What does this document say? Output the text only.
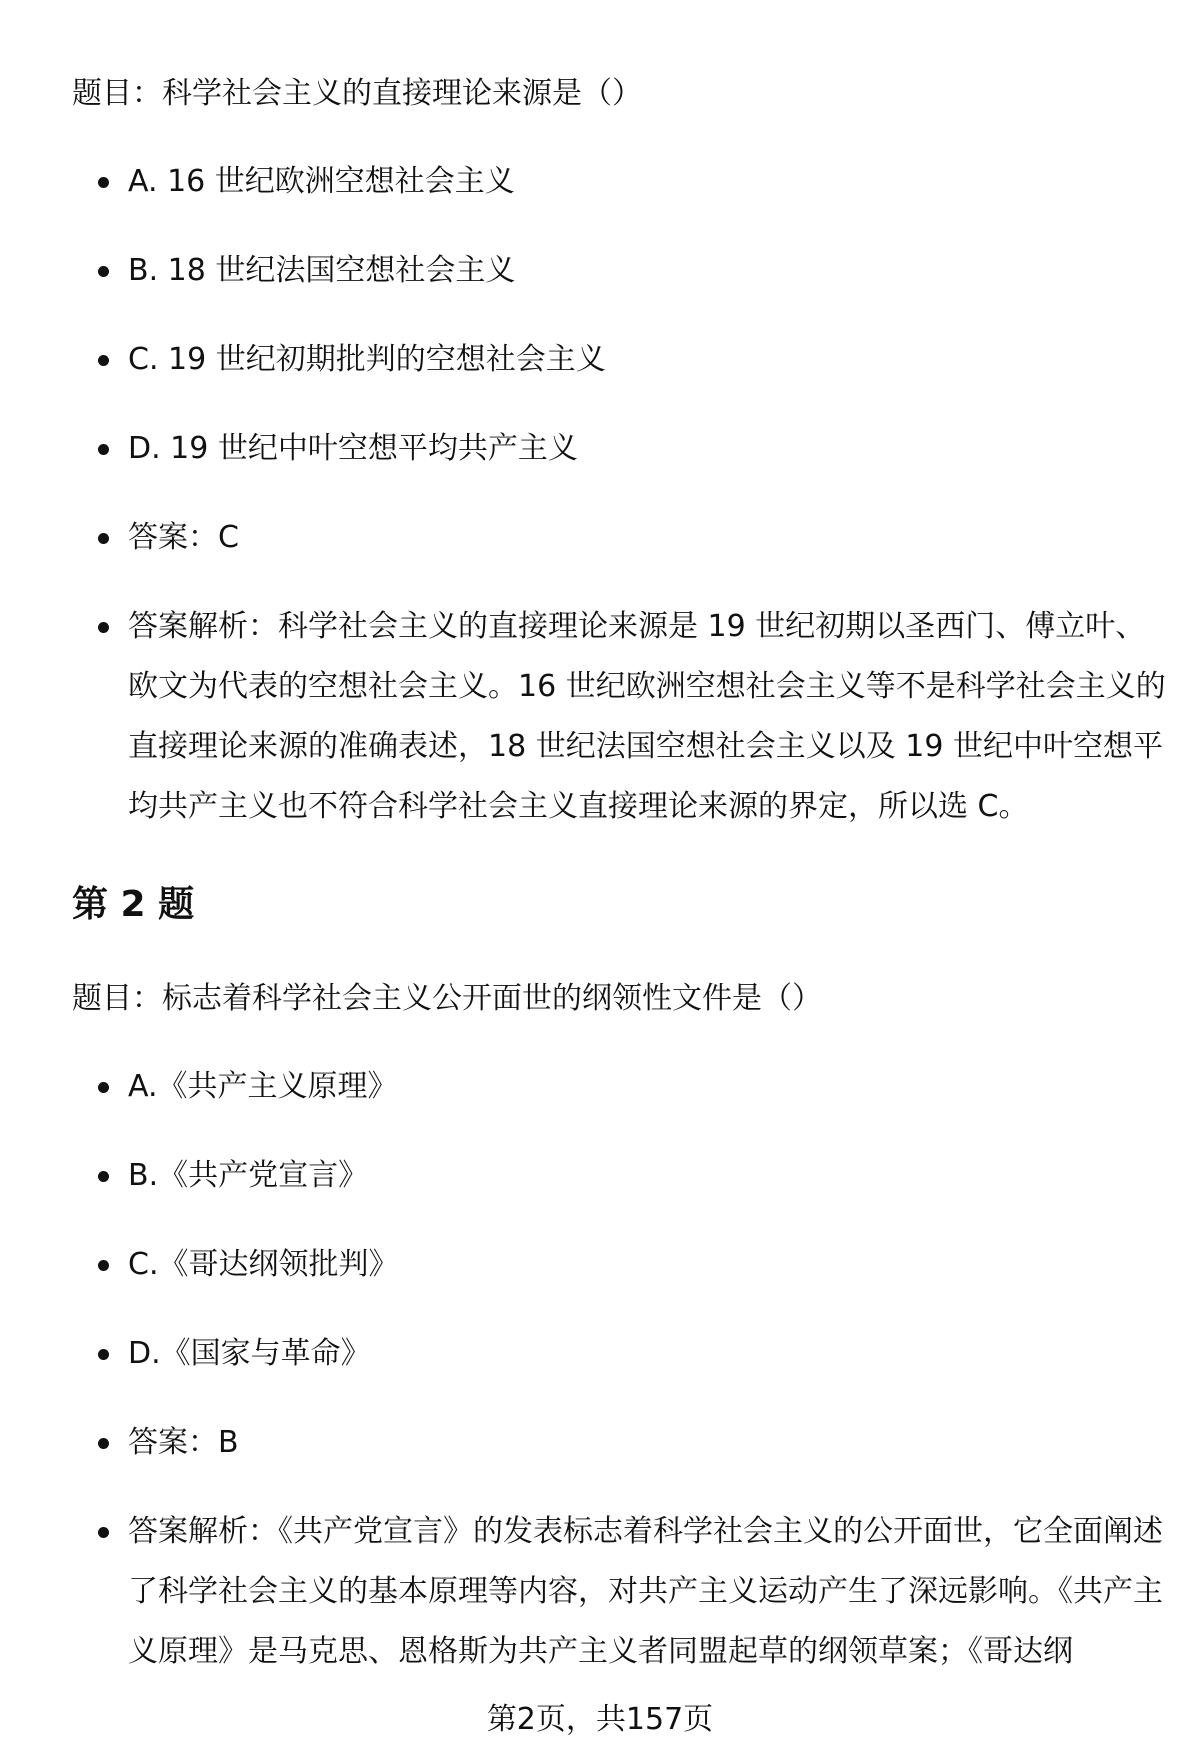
题目：科学社会主义的直接理论来源是（）
A. 16 世纪欧洲空想社会主义
B. 18 世纪法国空想社会主义
C. 19 世纪初期批判的空想社会主义
D. 19 世纪中叶空想平均共产主义
答案：C
答案解析：科学社会主义的直接理论来源是 19 世纪初期以圣西门、傅立叶、欧文为代表的空想社会主义。16 世纪欧洲空想社会主义等不是科学社会主义的直接理论来源的准确表述，18 世纪法国空想社会主义以及 19 世纪中叶空想平均共产主义也不符合科学社会主义直接理论来源的界定，所以选 C。
第 2 题
题目：标志着科学社会主义公开面世的纲领性文件是（）
A.《共产主义原理》
B.《共产党宣言》
C.《哥达纲领批判》
D.《国家与革命》
答案：B
答案解析：《共产党宣言》的发表标志着科学社会主义的公开面世，它全面阐述了科学社会主义的基本原理等内容，对共产主义运动产生了深远影响。《共产主义原理》是马克思、恩格斯为共产主义者同盟起草的纲领草案；《哥达纲
第2页，共157页
